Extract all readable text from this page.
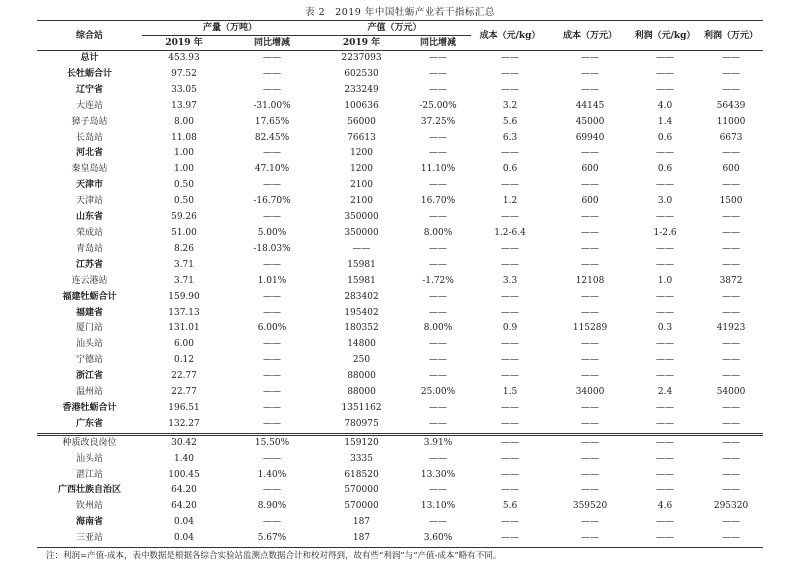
表 2　2019 年中国牡蛎产业若干指标汇总
综合站	产量（万吨）		产值（万元）		成本（元/kg）	成本（万元）	利润（元/kg）	利润（万元）
	2019 年	同比增减	2019 年	同比增减				
总计	453.93	——	2237093	——	——	——	——	——
长牡蛎合计	97.52	——	602530	——	——	——	——	——
辽宁省	33.05	——	233249	——	——	——	——	——
大连站	13.97	-31.00%	100636	-25.00%	3.2	44145	4.0	56439
獐子岛站	8.00	17.65%	56000	37.25%	5.6	45000	1.4	11000
长岛站	11.08	82.45%	76613	——	6.3	69940	0.6	6673
河北省	1.00	——	1200	——	——	——	——	——
秦皇岛站	1.00	47.10%	1200	11.10%	0.6	600	0.6	600
天津市	0.50	——	2100	——	——	——	——	——
天津站	0.50	-16.70%	2100	16.70%	1.2	600	3.0	1500
山东省	59.26	——	350000	——	——	——	——	——
荣成站	51.00	5.00%	350000	8.00%	1.2-6.4	——	1-2.6	——
青岛站	8.26	-18.03%	——	——	——	——	——	——
江苏省	3.71	——	15981	——	——	——	——	——
连云港站	3.71	1.01%	15981	-1.72%	3.3	12108	1.0	3872
福建牡蛎合计	159.90	——	283402	——	——	——	——	——
福建省	137.13	——	195402	——	——	——	——	——
厦门站	131.01	6.00%	180352	8.00%	0.9	115289	0.3	41923
汕头站	6.00	——	14800	——	——	——	——	——
宁德站	0.12	——	250	——	——	——	——	——
浙江省	22.77	——	88000	——	——	——	——	——
温州站	22.77	——	88000	25.00%	1.5	34000	2.4	54000
香港牡蛎合计	196.51	——	1351162	——	——	——	——	——
广东省	132.27	——	780975	——	——	——	——	——
种质改良岗位	30.42	15.50%	159120	3.91%	——	——	——	——
汕头站	1.40	——	3335	——	——	——	——	——
湛江站	100.45	1.40%	618520	13.30%	——	——	——	——
广西壮族自治区	64.20	——	570000	——	——	——	——	——
钦州站	64.20	8.90%	570000	13.10%	5.6	359520	4.6	295320
海南省	0.04	——	187	——	——	——	——	——
三亚站	0.04	5.67%	187	3.60%	——	——	——	——
注：利润=产值-成本，表中数据是根据各综合实验站监测点数据合计和校对得到，故有些“利润”与“产值-成本”略有不同。
